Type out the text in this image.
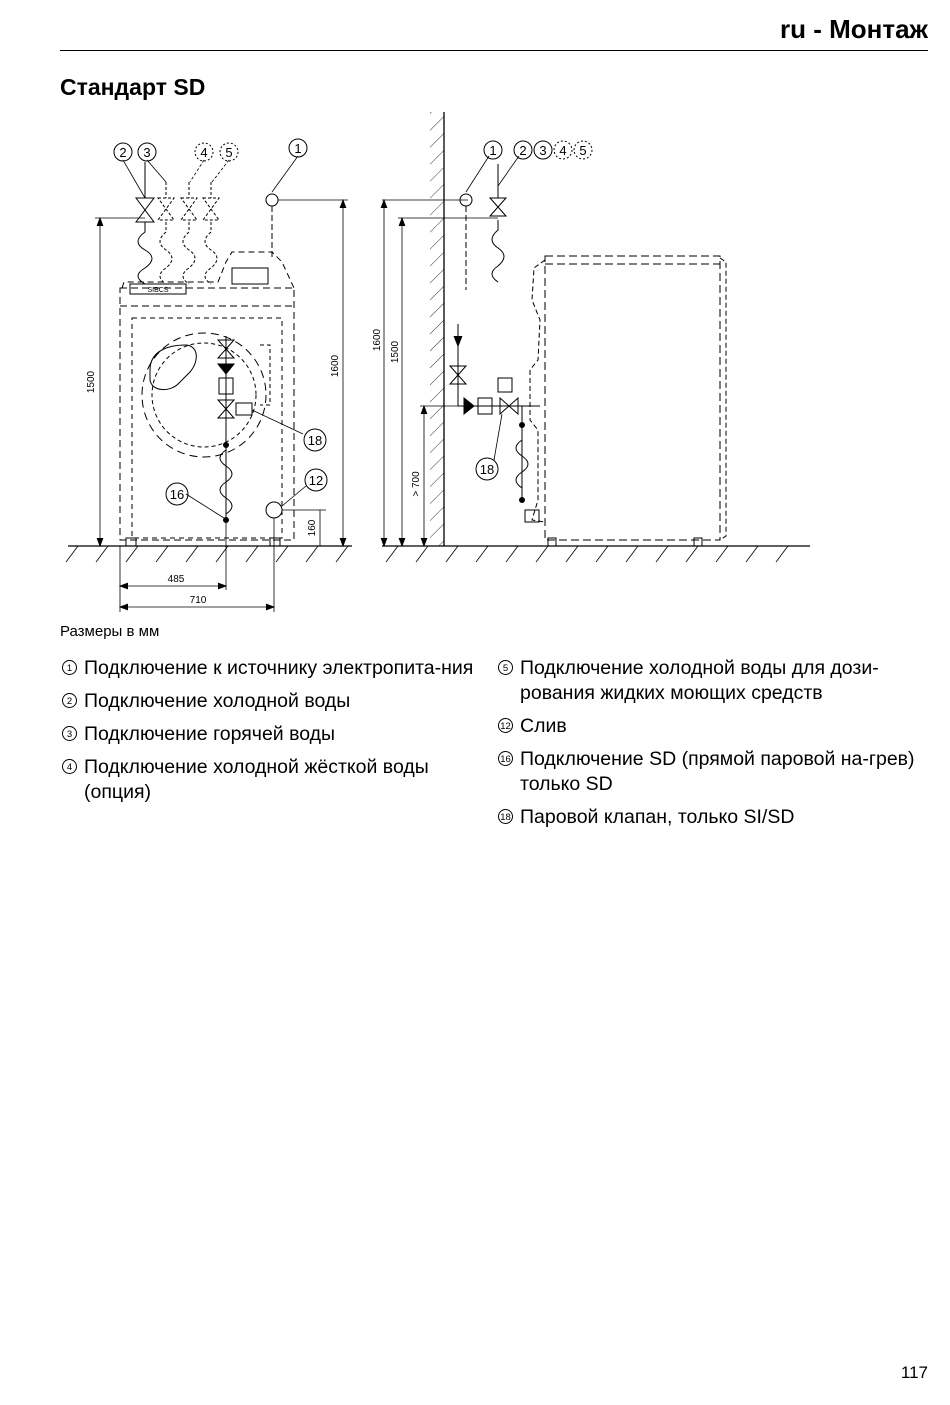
ru - Монтаж
Стандарт SD
2 3	4 5	1
18
12
16
1 2 3 4 5
18
1500
1600
160
485
710
1600
1500
> 700
SIBCS
Размеры в мм
1 Подключение к источнику электропита-ния
2 Подключение холодной воды
3 Подключение горячей воды
4 Подключение холодной жёсткой воды (опция)
5 Подключение холодной воды для дози-рования жидких моющих средств
12 Слив
16 Подключение SD (прямой паровой на-грев) только SD
18 Паровой клапан, только SI/SD
117
